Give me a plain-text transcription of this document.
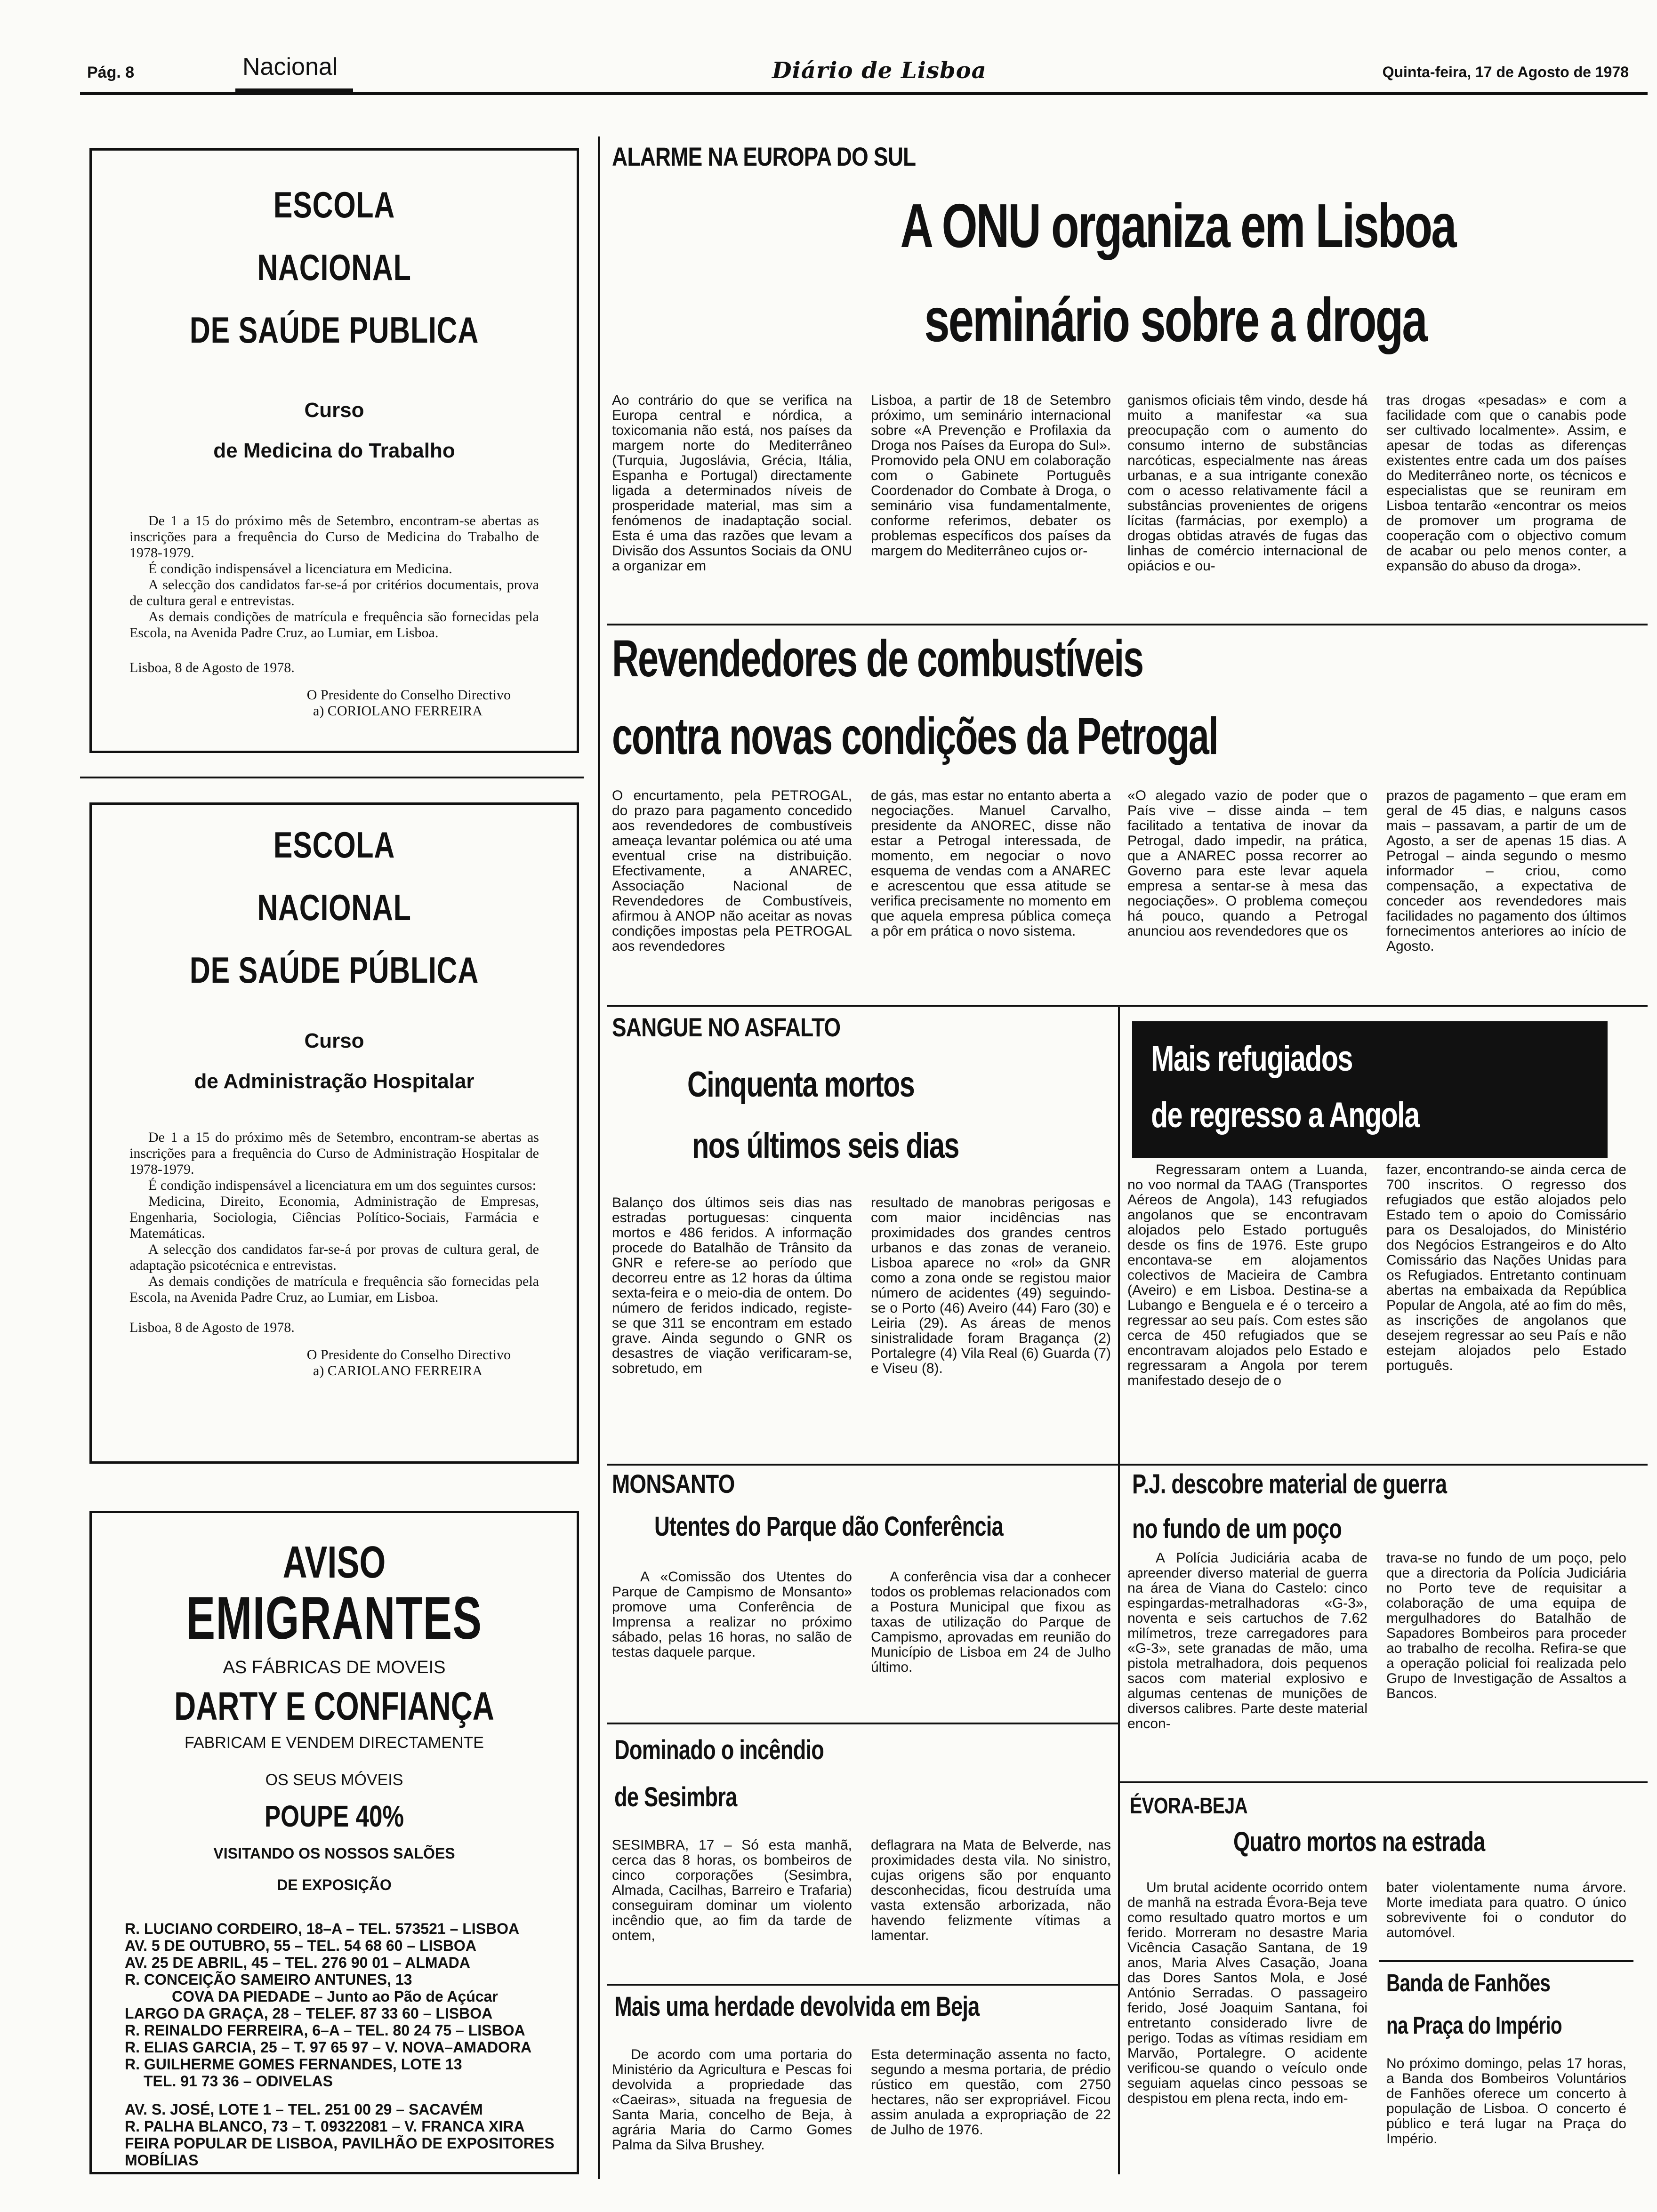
Pág. 8	Nacional	Diário de Lisboa	Quinta-feira, 17 de Agosto de 1978
ESCOLA
NACIONAL
DE SAÚDE PUBLICA
Curso
de Medicina do Trabalho

De 1 a 15 do próximo mês de Setembro, encontram-se abertas as inscrições para a frequência do Curso de Medicina do Trabalho de 1978-1979.

É condição indispensável a licenciatura em Medicina.

A selecção dos candidatos far-se-á por critérios documentais, prova de cultura geral e entrevistas.

As demais condições de matrícula e frequência são fornecidas pela Escola, na Avenida Padre Cruz, ao Lumiar, em Lisboa.

Lisboa, 8 de Agosto de 1978.

O Presidente do Conselho Directivo

a) CORIOLANO FERREIRA

ESCOLA
NACIONAL
DE SAÚDE PÚBLICA
Curso
de Administração Hospitalar

De 1 a 15 do próximo mês de Setembro, encontram-se abertas as inscrições para a frequência do Curso de Administração Hospitalar de 1978-1979.

É condição indispensável a licenciatura em um dos seguintes cursos:

Medicina, Direito, Economia, Administração de Empresas, Engenharia, Sociologia, Ciências Político-Sociais, Farmácia e Matemáticas.

A selecção dos candidatos far-se-á por provas de cultura geral, de adaptação psicotécnica e entrevistas.

As demais condições de matrícula e frequência são fornecidas pela Escola, na Avenida Padre Cruz, ao Lumiar, em Lisboa.

Lisboa, 8 de Agosto de 1978.

O Presidente do Conselho Directivo

a) CARIOLANO FERREIRA

AVISO
EMIGRANTES
AS FÁBRICAS DE MOVEIS
DARTY E CONFIANÇA
FABRICAM E VENDEM DIRECTAMENTE
OS SEUS MÓVEIS
POUPE 40%
VISITANDO OS NOSSOS SALÕES
DE EXPOSIÇÃO
R. LUCIANO CORDEIRO, 18–A – TEL. 573521 – LISBOA
AV. 5 DE OUTUBRO, 55 – TEL. 54 68 60 – LISBOA
AV. 25 DE ABRIL, 45 – TEL. 276 90 01 – ALMADA
R. CONCEIÇÃO SAMEIRO ANTUNES, 13
COVA DA PIEDADE – Junto ao Pão de Açúcar
LARGO DA GRAÇA, 28 – TELEF. 87 33 60 – LISBOA
R. REINALDO FERREIRA, 6–A – TEL. 80 24 75 – LISBOA
R. ELIAS GARCIA, 25 – T. 97 65 97 – V. NOVA–AMADORA
R. GUILHERME GOMES FERNANDES, LOTE 13
TEL. 91 73 36 – ODIVELAS
AV. S. JOSÉ, LOTE 1 – TEL. 251 00 29 – SACAVÉM
R. PALHA BLANCO, 73 – T. 09322081 – V. FRANCA XIRA
FEIRA POPULAR DE LISBOA, PAVILHÃO DE EXPOSITORES MOBÍLIAS
ALARME NA EUROPA DO SUL
A ONU organiza em Lisboa
seminário sobre a droga
Ao contrário do que se verifica na Europa central e nórdica, a toxicomania não está, nos países da margem norte do Mediterrâneo (Turquia, Jugoslávia, Grécia, Itália, Espanha e Portugal) directamente ligada a determinados níveis de prosperidade material, mas sim a fenómenos de inadaptação social. Esta é uma das razões que levam a Divisão dos Assuntos Sociais da ONU a organizar em
Lisboa, a partir de 18 de Setembro próximo, um seminário internacional sobre «A Prevenção e Profilaxia da Droga nos Países da Europa do Sul». Promovido pela ONU em colaboração com o Gabinete Português Coordenador do Combate à Droga, o seminário visa fundamentalmente, conforme referimos, debater os problemas específicos dos países da margem do Mediterrâneo cujos or-
ganismos oficiais têm vindo, desde há muito a manifestar «a sua preocupação com o aumento do consumo interno de substâncias narcóticas, especialmente nas áreas urbanas, e a sua intrigante conexão com o acesso relativamente fácil a substâncias provenientes de origens lícitas (farmácias, por exemplo) a drogas obtidas através de fugas das linhas de comércio internacional de opiácios e ou-
tras drogas «pesadas» e com a facilidade com que o canabis pode ser cultivado localmente». Assim, e apesar de todas as diferenças existentes entre cada um dos países do Mediterrâneo norte, os técnicos e especialistas que se reuniram em Lisboa tentarão «encontrar os meios de promover um programa de cooperação com o objectivo comum de acabar ou pelo menos conter, a expansão do abuso da droga».
Revendedores de combustíveis
contra novas condições da Petrogal
O encurtamento, pela PETROGAL, do prazo para pagamento concedido aos revendedores de combustíveis ameaça levantar polémica ou até uma eventual crise na distribuição. Efectivamente, a ANAREC, Associação Nacional de Revendedores de Combustíveis, afirmou à ANOP não aceitar as novas condições impostas pela PETROGAL aos revendedores
de gás, mas estar no entanto aberta a negociações. Manuel Carvalho, presidente da ANOREC, disse não estar a Petrogal interessada, de momento, em negociar o novo esquema de vendas com a ANAREC e acrescentou que essa atitude se verifica precisamente no momento em que aquela empresa pública começa a pôr em prática o novo sistema.
«O alegado vazio de poder que o País vive – disse ainda – tem facilitado a tentativa de inovar da Petrogal, dado impedir, na prática, que a ANAREC possa recorrer ao Governo para este levar aquela empresa a sentar-se à mesa das negociações». O problema começou há pouco, quando a Petrogal anunciou aos revendedores que os
prazos de pagamento – que eram em geral de 45 dias, e nalguns casos mais – passavam, a partir de um de Agosto, a ser de apenas 15 dias. A Petrogal – ainda segundo o mesmo informador – criou, como compensação, a expectativa de conceder aos revendedores mais facilidades no pagamento dos últimos fornecimentos anteriores ao início de Agosto.
SANGUE NO ASFALTO
Cinquenta mortos
nos últimos seis dias
Balanço dos últimos seis dias nas estradas portuguesas: cinquenta mortos e 486 feridos. A informação procede do Batalhão de Trânsito da GNR e refere-se ao período que decorreu entre as 12 horas da última sexta-feira e o meio-dia de ontem. Do número de feridos indicado, registe-se que 311 se encontram em estado grave. Ainda segundo o GNR os desastres de viação verificaram-se, sobretudo, em
resultado de manobras perigosas e com maior incidências nas proximidades dos grandes centros urbanos e das zonas de veraneio. Lisboa aparece no «rol» da GNR como a zona onde se registou maior número de acidentes (49) seguindo-se o Porto (46) Aveiro (44) Faro (30) e Leiria (29). As áreas de menos sinistralidade foram Bragança (2) Portalegre (4) Vila Real (6) Guarda (7) e Viseu (8).
Mais refugiados
de regresso a Angola
Regressaram ontem a Luanda, no voo normal da TAAG (Transportes Aéreos de Angola), 143 refugiados angolanos que se encontravam alojados pelo Estado português desde os fins de 1976. Este grupo encontava-se em alojamentos colectivos de Macieira de Cambra (Aveiro) e em Lisboa. Destina-se a Lubango e Benguela e é o terceiro a regressar ao seu país. Com estes são cerca de 450 refugiados que se encontravam alojados pelo Estado e regressaram a Angola por terem manifestado desejo de o
fazer, encontrando-se ainda cerca de 700 inscritos. O regresso dos refugiados que estão alojados pelo Estado tem o apoio do Comissário para os Desalojados, do Ministério dos Negócios Estrangeiros e do Alto Comissário das Nações Unidas para os Refugiados. Entretanto continuam abertas na embaixada da República Popular de Angola, até ao fim do mês, as inscrições de angolanos que desejem regressar ao seu País e não estejam alojados pelo Estado português.
MONSANTO
Utentes do Parque dão Conferência
A «Comissão dos Utentes do Parque de Campismo de Monsanto» promove uma Conferência de Imprensa a realizar no próximo sábado, pelas 16 horas, no salão de testas daquele parque.
A conferência visa dar a conhecer todos os problemas relacionados com a Postura Municipal que fixou as taxas de utilização do Parque de Campismo, aprovadas em reunião do Município de Lisboa em 24 de Julho último.
Dominado o incêndio
de Sesimbra
SESIMBRA, 17 – Só esta manhã, cerca das 8 horas, os bombeiros de cinco corporações (Sesimbra, Almada, Cacilhas, Barreiro e Trafaria) conseguiram dominar um violento incêndio que, ao fim da tarde de ontem,
deflagrara na Mata de Belverde, nas proximidades desta vila. No sinistro, cujas origens são por enquanto desconhecidas, ficou destruída uma vasta extensão arborizada, não havendo felizmente vítimas a lamentar.
Mais uma herdade devolvida em Beja
De acordo com uma portaria do Ministério da Agricultura e Pescas foi devolvida a propriedade das «Caeiras», situada na freguesia de Santa Maria, concelho de Beja, à agrária Maria do Carmo Gomes Palma da Silva Brushey.
Esta determinação assenta no facto, segundo a mesma portaria, de prédio rústico em questão, com 2750 hectares, não ser expropriável. Ficou assim anulada a expropriação de 22 de Julho de 1976.
P.J. descobre material de guerra
no fundo de um poço
A Polícia Judiciária acaba de apreender diverso material de guerra na área de Viana do Castelo: cinco espingardas-metralhadoras «G-3», noventa e seis cartuchos de 7.62 milímetros, treze carregadores para «G-3», sete granadas de mão, uma pistola metralhadora, dois pequenos sacos com material explosivo e algumas centenas de munições de diversos calibres. Parte deste material encon-
trava-se no fundo de um poço, pelo que a directoria da Polícia Judiciária no Porto teve de requisitar a colaboração de uma equipa de mergulhadores do Batalhão de Sapadores Bombeiros para proceder ao trabalho de recolha. Refira-se que a operação policial foi realizada pelo Grupo de Investigação de Assaltos a Bancos.
ÉVORA-BEJA
Quatro mortos na estrada
Um brutal acidente ocorrido ontem de manhã na estrada Évora-Beja teve como resultado quatro mortos e um ferido. Morreram no desastre Maria Vicência Casação Santana, de 19 anos, Maria Alves Casação, Joana das Dores Santos Mola, e José António Serradas. O passageiro ferido, José Joaquim Santana, foi entretanto considerado livre de perigo. Todas as vítimas residiam em Marvão, Portalegre. O acidente verificou-se quando o veículo onde seguiam aquelas cinco pessoas se despistou em plena recta, indo em-
bater violentamente numa árvore. Morte imediata para quatro. O único sobrevivente foi o condutor do automóvel.
Banda de Fanhões
na Praça do Império
No próximo domingo, pelas 17 horas, a Banda dos Bombeiros Voluntários de Fanhões oferece um concerto à população de Lisboa. O concerto é público e terá lugar na Praça do Império.
